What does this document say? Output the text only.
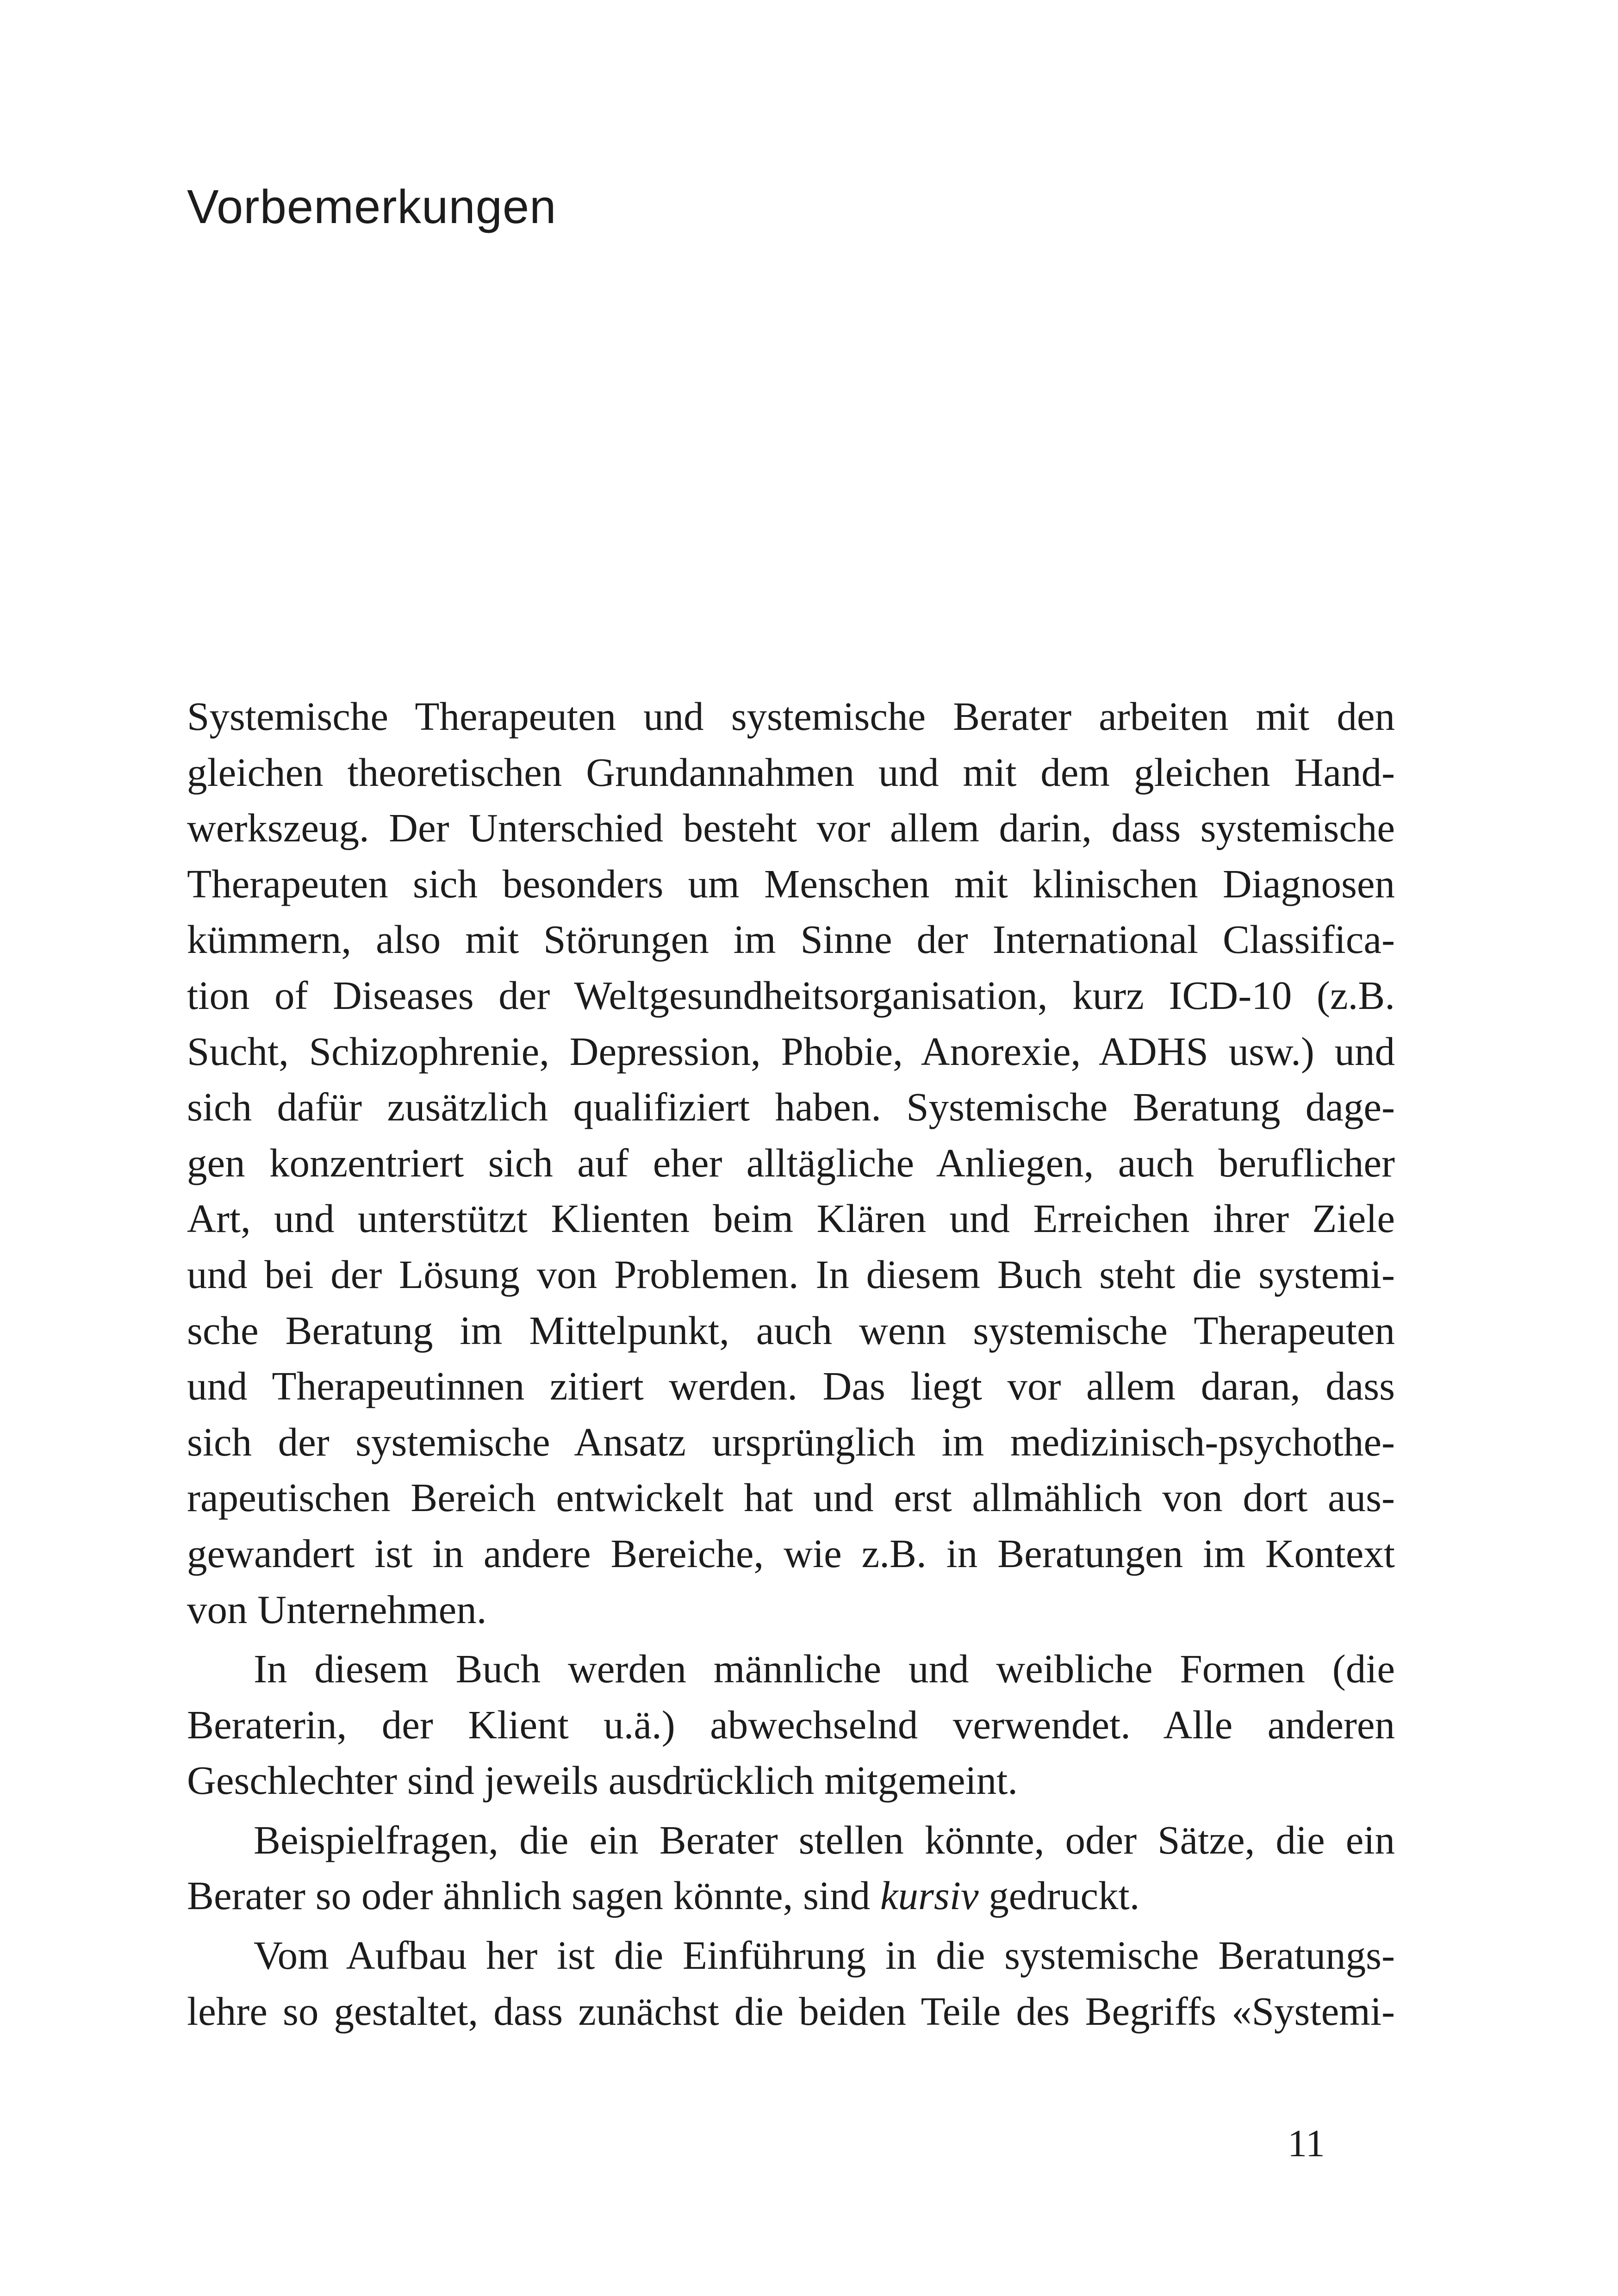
Vorbemerkungen
Systemische Therapeuten und systemische Berater arbeiten mit den
gleichen theoretischen Grundannahmen und mit dem gleichen Hand-
werkszeug. Der Unterschied besteht vor allem darin, dass systemische
Therapeuten sich besonders um Menschen mit klinischen Diagnosen
kümmern, also mit Störungen im Sinne der International Classifica-
tion of Diseases der Weltgesundheitsorganisation, kurz ICD-10 (z.B.
Sucht, Schizophrenie, Depression, Phobie, Anorexie, ADHS usw.) und
sich dafür zusätzlich qualifiziert haben. Systemische Beratung dage-
gen konzentriert sich auf eher alltägliche Anliegen, auch beruflicher
Art, und unterstützt Klienten beim Klären und Erreichen ihrer Ziele
und bei der Lösung von Problemen. In diesem Buch steht die systemi-
sche Beratung im Mittelpunkt, auch wenn systemische Therapeuten
und Therapeutinnen zitiert werden. Das liegt vor allem daran, dass
sich der systemische Ansatz ursprünglich im medizinisch-psychothe-
rapeutischen Bereich entwickelt hat und erst allmählich von dort aus-
gewandert ist in andere Bereiche, wie z.B. in Beratungen im Kontext
von Unternehmen.
In diesem Buch werden männliche und weibliche Formen (die
Beraterin, der Klient u.ä.) abwechselnd verwendet. Alle anderen
Geschlechter sind jeweils ausdrücklich mitgemeint.
Beispielfragen, die ein Berater stellen könnte, oder Sätze, die ein
Berater so oder ähnlich sagen könnte, sind kursiv gedruckt.
Vom Aufbau her ist die Einführung in die systemische Beratungs-
lehre so gestaltet, dass zunächst die beiden Teile des Begriffs «Systemi-
11
